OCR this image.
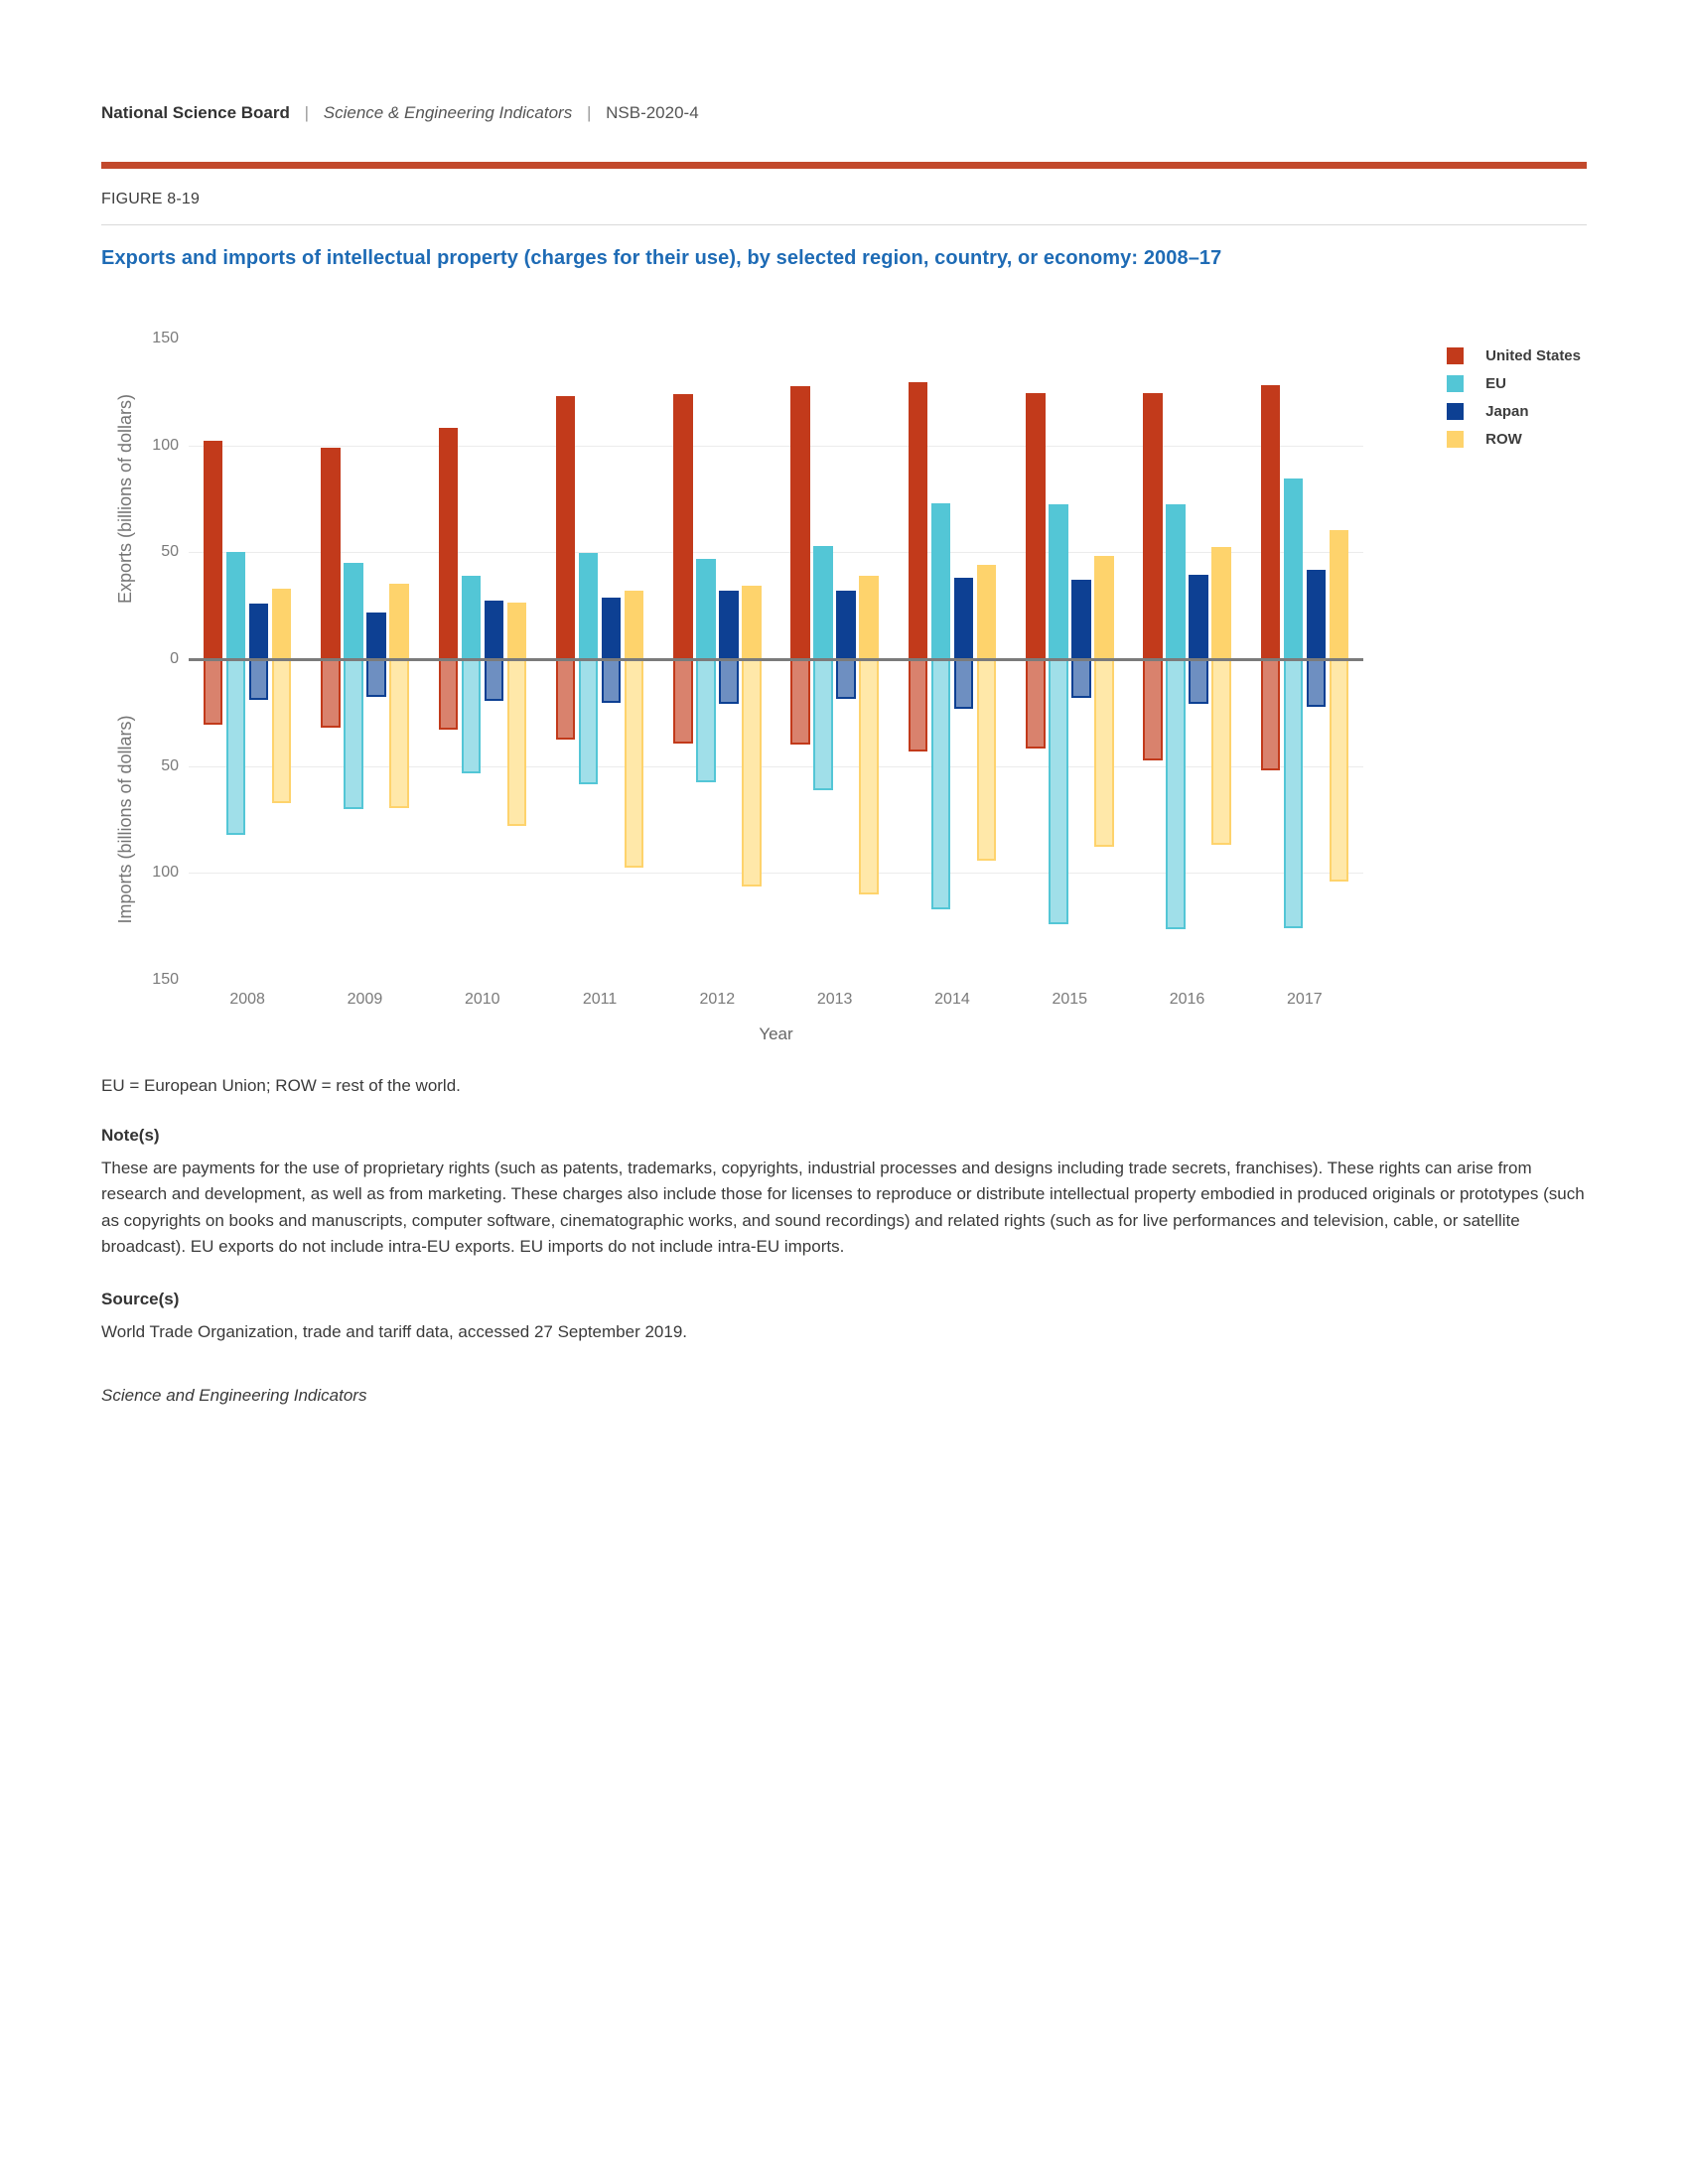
National Science Board | Science & Engineering Indicators | NSB-2020-4
FIGURE 8-19
Exports and imports of intellectual property (charges for their use), by selected region, country, or economy: 2008–17
Exports (billions of dollars)
Imports (billions of dollars)
Year
United States
EU
Japan
ROW
150
100
50
0
50
100
150
2008	2009	2010	2011	2012	2013	2014	2015	2016	2017
EU = European Union; ROW = rest of the world.
Note(s)
These are payments for the use of proprietary rights (such as patents, trademarks, copyrights, industrial processes and designs including trade secrets, franchises). These rights can arise from research and development, as well as from marketing. These charges also include those for licenses to reproduce or distribute intellectual property embodied in produced originals or prototypes (such as copyrights on books and manuscripts, computer software, cinematographic works, and sound recordings) and related rights (such as for live performances and television, cable, or satellite broadcast). EU exports do not include intra-EU exports. EU imports do not include intra-EU imports.
Source(s)
World Trade Organization, trade and tariff data, accessed 27 September 2019.
Science and Engineering Indicators
